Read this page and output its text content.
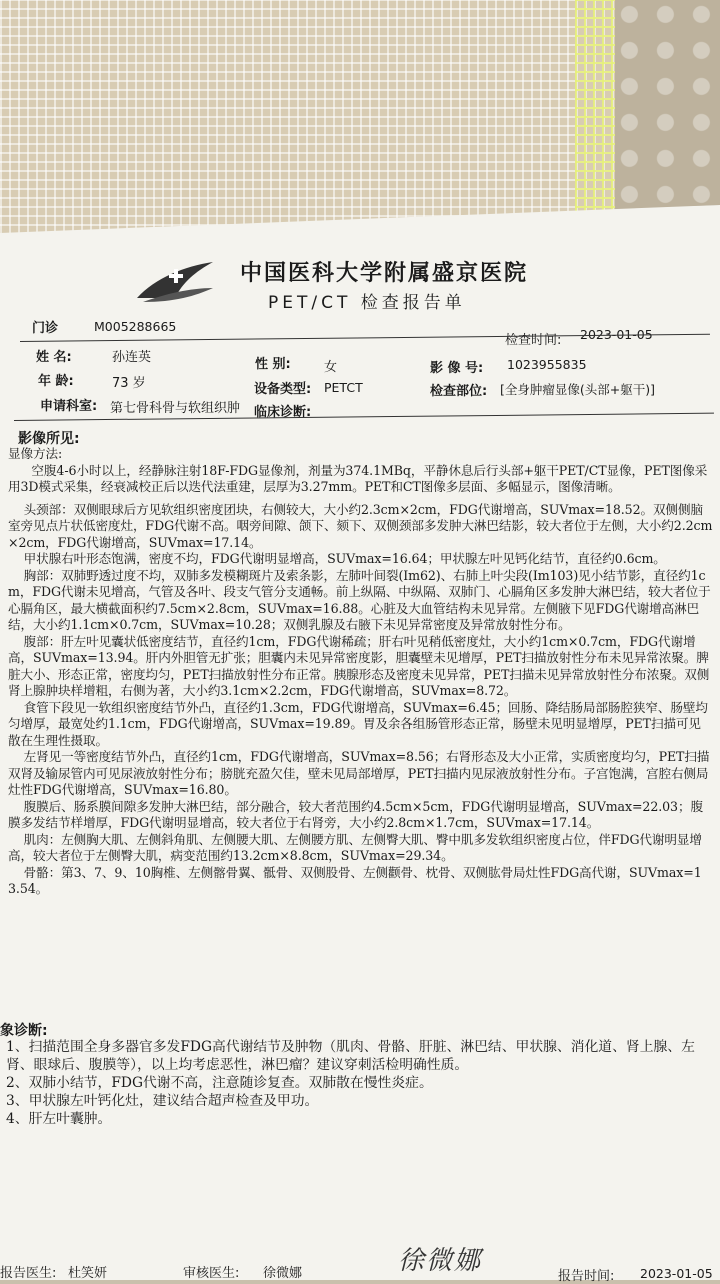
中国医科大学附属盛京医院
PET/CT 检查报告单
门诊	M005288665
检查时间: 2023-01-05
姓 名:	孙连英	性 别:	女	影 像 号: 1023955835
年 龄:	73 岁	设备类型: PETCT	检查部位: [全身肿瘤显像(头部+躯干)]
申请科室: 第七骨科骨与软组织肿 临床诊断:
影像所见:

显像方法:

空腹4-6小时以上，经静脉注射18F-FDG显像剂，剂量为374.1MBq，平静休息后行头部+躯干PET/CT显像，PET图像采用3D模式采集，经衰减校正后以迭代法重建，层厚为3.27mm。PET和CT图像多层面、多幅显示，图像清晰。

头颈部：双侧眼球后方见软组织密度团块，右侧较大，大小约2.3cm×2cm，FDG代谢增高，SUVmax=18.52。双侧侧脑室旁见点片状低密度灶，FDG代谢不高。咽旁间隙、颌下、颏下、双侧颈部多发肿大淋巴结影，较大者位于左侧，大小约2.2cm×2cm，FDG代谢增高，SUVmax=17.14。

甲状腺右叶形态饱满，密度不均，FDG代谢明显增高，SUVmax=16.64；甲状腺左叶见钙化结节，直径约0.6cm。

胸部：双肺野透过度不均，双肺多发模糊斑片及索条影，左肺叶间裂(Im62)、右肺上叶尖段(Im103)见小结节影，直径约1cm，FDG代谢未见增高，气管及各叶、段支气管分支通畅。前上纵隔、中纵隔、双肺门、心膈角区多发肿大淋巴结，较大者位于心膈角区，最大横截面积约7.5cm×2.8cm，SUVmax=16.88。心脏及大血管结构未见异常。左侧腋下见FDG代谢增高淋巴结，大小约1.1cm×0.7cm，SUVmax=10.28；双侧乳腺及右腋下未见异常密度及异常放射性分布。

腹部：肝左叶见囊状低密度结节，直径约1cm，FDG代谢稀疏；肝右叶见稍低密度灶，大小约1cm×0.7cm，FDG代谢增高，SUVmax=13.94。肝内外胆管无扩张；胆囊内未见异常密度影，胆囊壁未见增厚，PET扫描放射性分布未见异常浓聚。脾脏大小、形态正常，密度均匀，PET扫描放射性分布正常。胰腺形态及密度未见异常，PET扫描未见异常放射性分布浓聚。双侧肾上腺肿块样增粗，右侧为著，大小约3.1cm×2.2cm，FDG代谢增高，SUVmax=8.72。

食管下段见一软组织密度结节外凸，直径约1.3cm，FDG代谢增高，SUVmax=6.45；回肠、降结肠局部肠腔狭窄、肠壁均匀增厚，最宽处约1.1cm，FDG代谢增高，SUVmax=19.89。胃及余各组肠管形态正常，肠壁未见明显增厚，PET扫描可见散在生理性摄取。

左肾见一等密度结节外凸，直径约1cm，FDG代谢增高，SUVmax=8.56；右肾形态及大小正常，实质密度均匀，PET扫描双肾及输尿管内可见尿液放射性分布；膀胱充盈欠佳，壁未见局部增厚，PET扫描内见尿液放射性分布。子宫饱满，宫腔右侧局灶性FDG代谢增高，SUVmax=16.80。

腹膜后、肠系膜间隙多发肿大淋巴结，部分融合，较大者范围约4.5cm×5cm，FDG代谢明显增高，SUVmax=22.03；腹膜多发结节样增厚，FDG代谢明显增高，较大者位于右肾旁，大小约2.8cm×1.7cm，SUVmax=17.14。

肌肉：左侧胸大肌、左侧斜角肌、左侧腰大肌、左侧腰方肌、左侧臀大肌、臀中肌多发软组织密度占位，伴FDG代谢明显增高，较大者位于左侧臀大肌，病变范围约13.2cm×8.8cm，SUVmax=29.34。

骨骼：第3、7、9、10胸椎、左侧髂骨翼、骶骨、双侧股骨、左侧颧骨、枕骨、双侧肱骨局灶性FDG高代谢，SUVmax=13.54。

象诊断:

1、扫描范围全身多器官多发FDG高代谢结节及肿物（肌肉、骨骼、肝脏、淋巴结、甲状腺、消化道、肾上腺、左肾、眼球后、腹膜等），以上均考虑恶性，淋巴瘤？建议穿刺活检明确性质。

2、双肺小结节，FDG代谢不高，注意随诊复查。双肺散在慢性炎症。

3、甲状腺左叶钙化灶，建议结合超声检查及甲功。

4、肝左叶囊肿。

报告医生: 杜笑妍	审核医生: 徐微娜	徐微娜
报告时间: 2023-01-05
